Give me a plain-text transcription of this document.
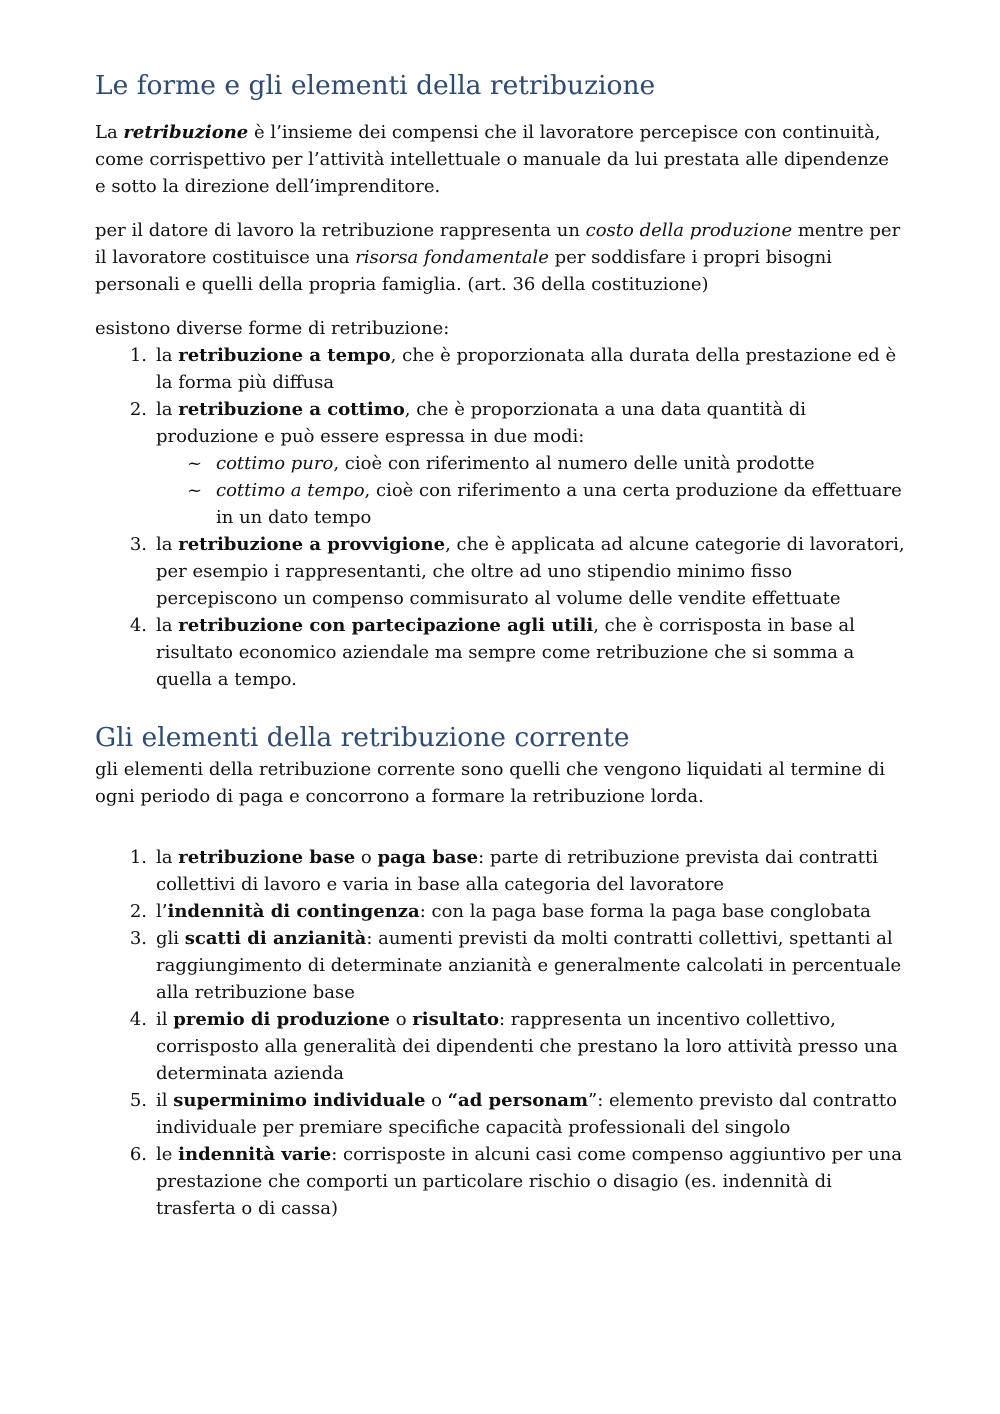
Le forme e gli elementi della retribuzione

La retribuzione è l’insieme dei compensi che il lavoratore percepisce con continuità, come corrispettivo per l’attività intellettuale o manuale da lui prestata alle dipendenze e sotto la direzione dell’imprenditore.

per il datore di lavoro la retribuzione rappresenta un costo della produzione mentre per il lavoratore costituisce una risorsa fondamentale per soddisfare i propri bisogni personali e quelli della propria famiglia. (art. 36 della costituzione)

esistono diverse forme di retribuzione:

1. la retribuzione a tempo, che è proporzionata alla durata della prestazione ed è la forma più diffusa
2. la retribuzione a cottimo, che è proporzionata a una data quantità di produzione e può essere espressa in due modi:
~ cottimo puro, cioè con riferimento al numero delle unità prodotte
~ cottimo a tempo, cioè con riferimento a una certa produzione da effettuare in un dato tempo
3. la retribuzione a provvigione, che è applicata ad alcune categorie di lavoratori, per esempio i rappresentanti, che oltre ad uno stipendio minimo fisso percepiscono un compenso commisurato al volume delle vendite effettuate
4. la retribuzione con partecipazione agli utili, che è corrisposta in base al risultato economico aziendale ma sempre come retribuzione che si somma a quella a tempo.
Gli elementi della retribuzione corrente

gli elementi della retribuzione corrente sono quelli che vengono liquidati al termine di ogni periodo di paga e concorrono a formare la retribuzione lorda.

1. la retribuzione base o paga base: parte di retribuzione prevista dai contratti collettivi di lavoro e varia in base alla categoria del lavoratore
2. l’indennità di contingenza: con la paga base forma la paga base conglobata
3. gli scatti di anzianità: aumenti previsti da molti contratti collettivi, spettanti al raggiungimento di determinate anzianità e generalmente calcolati in percentuale alla retribuzione base
4. il premio di produzione o risultato: rappresenta un incentivo collettivo, corrisposto alla generalità dei dipendenti che prestano la loro attività presso una determinata azienda
5. il superminimo individuale o “ad personam”: elemento previsto dal contratto individuale per premiare specifiche capacità professionali del singolo
6. le indennità varie: corrisposte in alcuni casi come compenso aggiuntivo per una prestazione che comporti un particolare rischio o disagio (es. indennità di trasferta o di cassa)
